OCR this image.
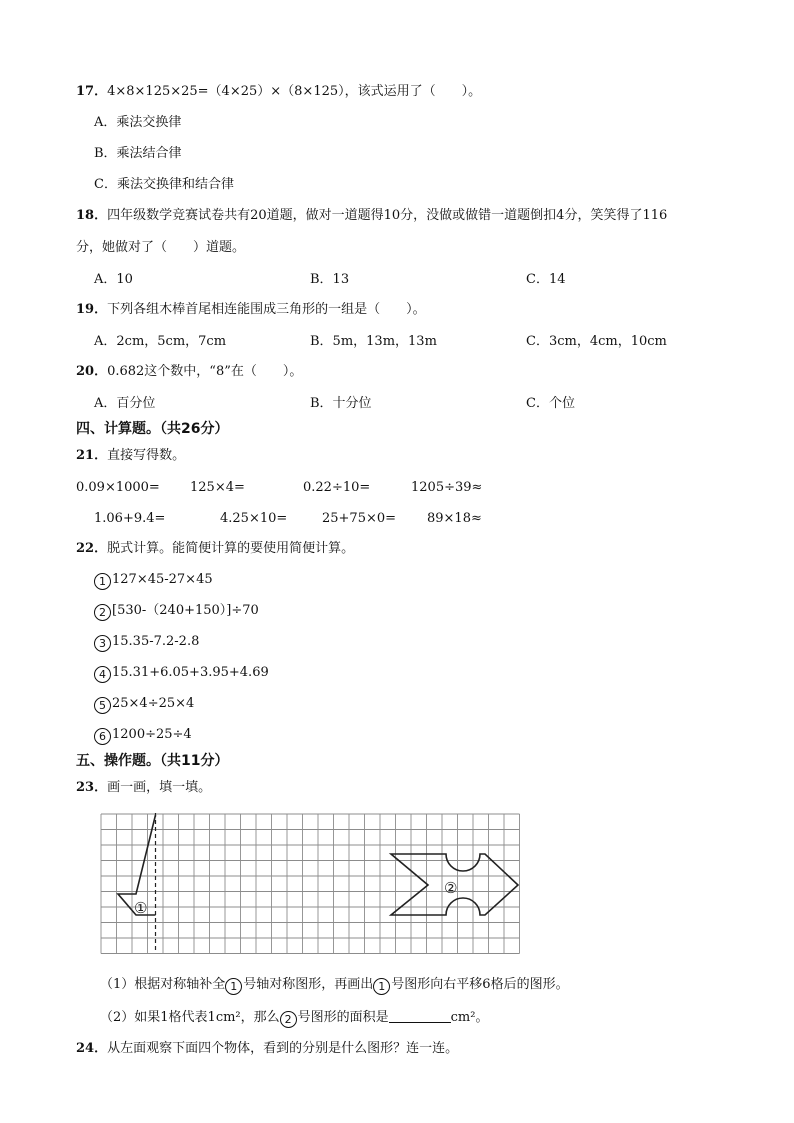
17．4×8×125×25=（4×25）×（8×125），该式运用了（　　）。
A．乘法交换律
B．乘法结合律
C．乘法交换律和结合律
18．四年级数学竞赛试卷共有20道题，做对一道题得10分，没做或做错一道题倒扣4分，笑笑得了116
分，她做对了（　　）道题。
A．10	B．13	C．14
19．下列各组木棒首尾相连能围成三角形的一组是（　　）。
A．2cm，5cm，7cm	B．5m，13m，13m	C．3cm，4cm，10cm
20．0.682这个数中，“8”在（　　）。
A．百分位	B．十分位	C．个位
四、计算题。（共26分）
21．直接写得数。
0.09×1000= 125×4=	0.22÷10=	1205÷39≈
1.06+9.4=	4.25×10=	25+75×0= 89×18≈
22．脱式计算。能简便计算的要使用简便计算。
1 127×45-27×45
2 [530-（240+150）]÷70
3 15.35-7.2-2.8
4 15.31+6.05+3.95+4.69
5 25×4÷25×4
6 1200÷25÷4
五、操作题。（共11分）
23．画一画，填一填。
①
②
（1）根据对称轴补全 1 号轴对称图形，再画出 1 号图形向右平移6格后的图形。
（2）如果1格代表1cm²，那么 2 号图形的面积是	cm²。
24．从左面观察下面四个物体，看到的分别是什么图形？连一连。
